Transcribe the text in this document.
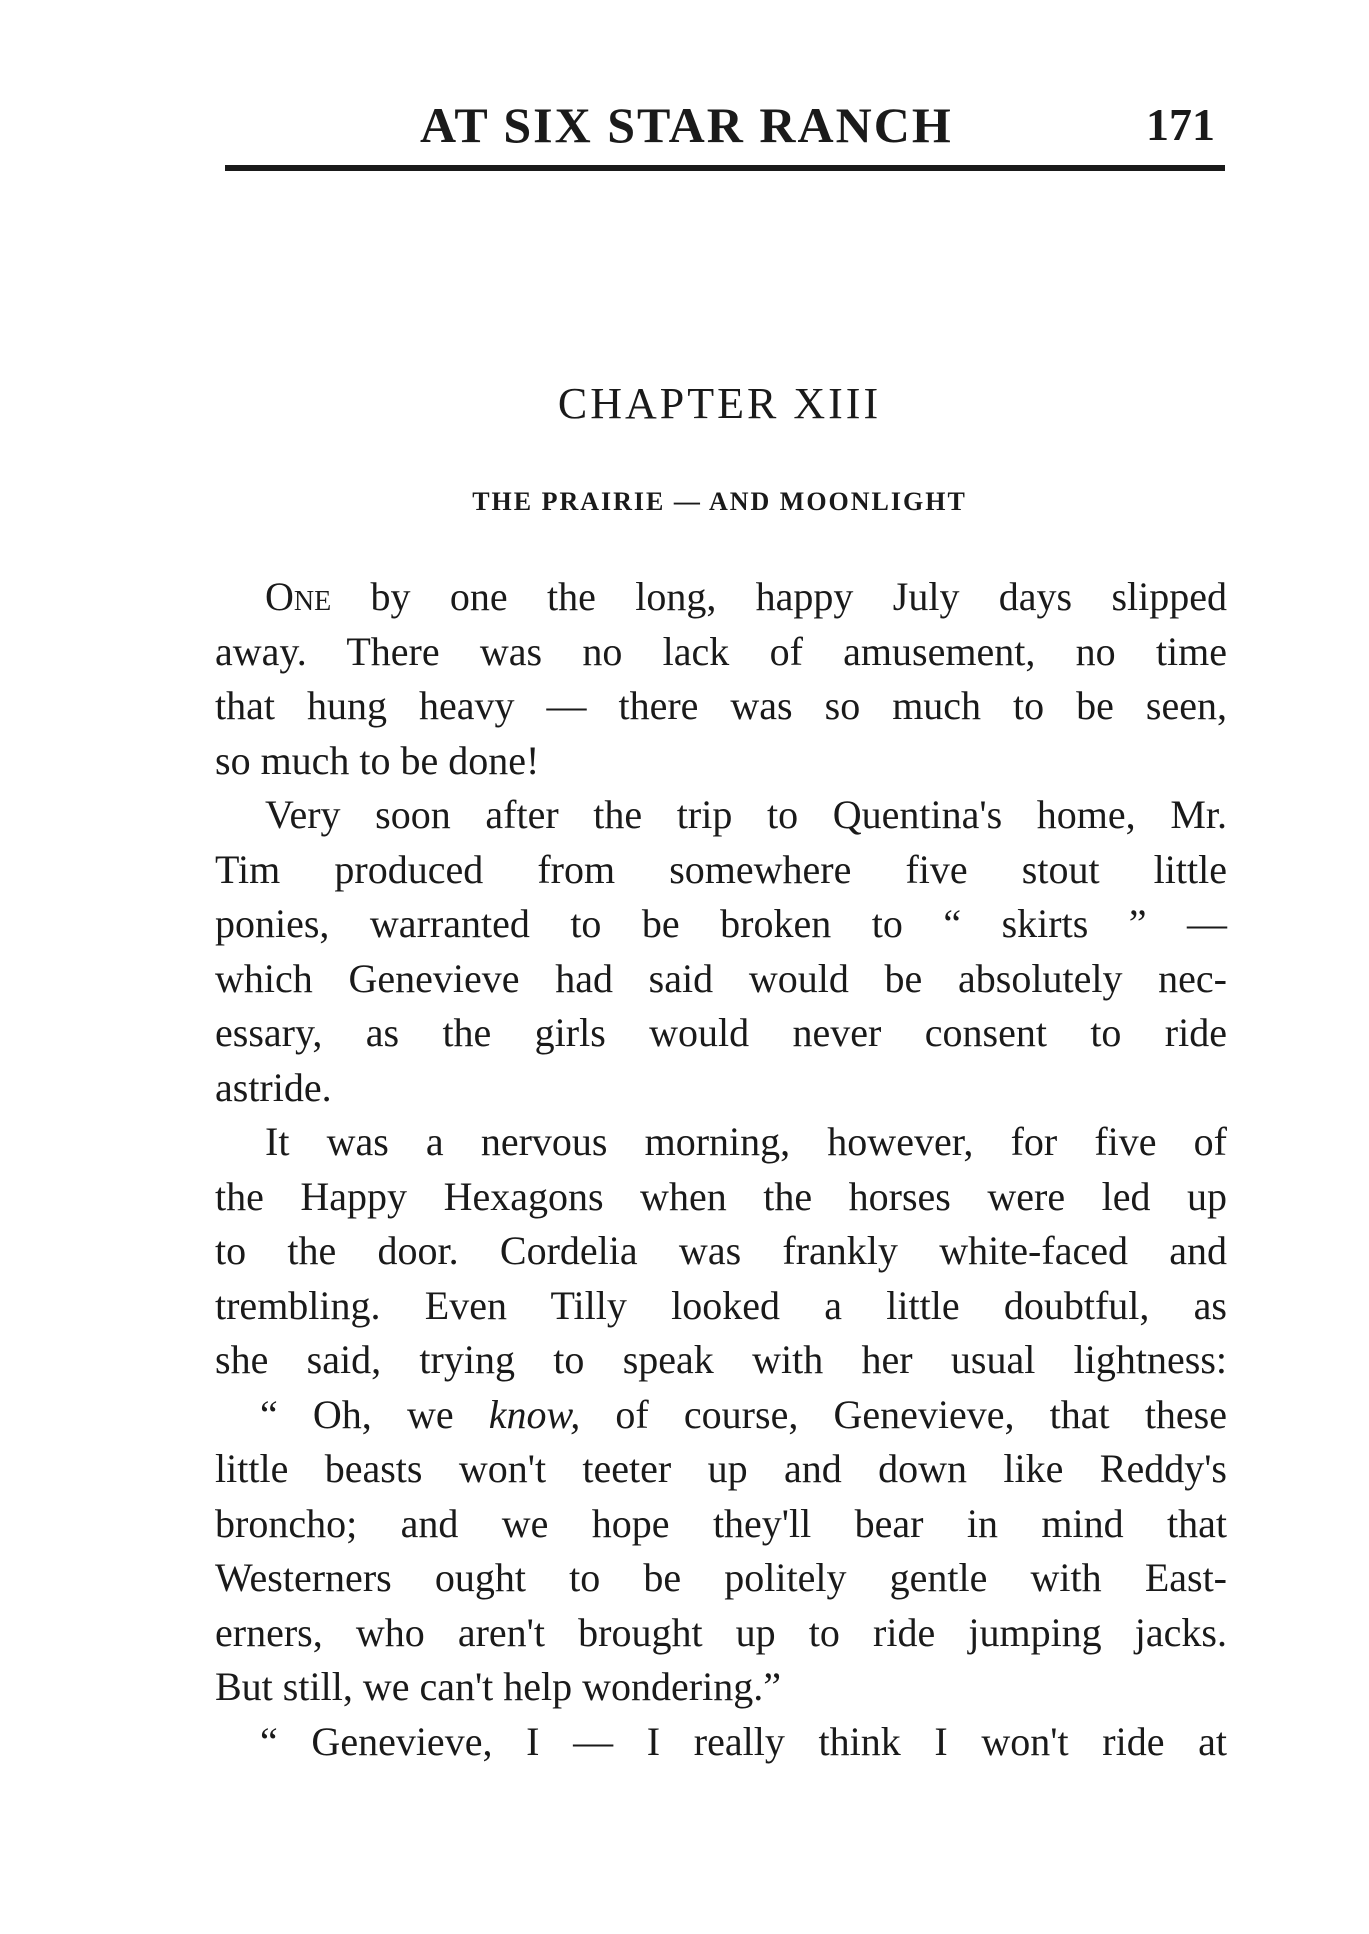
AT SIX STAR RANCH	171
CHAPTER XIII
THE PRAIRIE — AND MOONLIGHT
One by one the long, happy July days slipped
away. There was no lack of amusement, no time
that hung heavy — there was so much to be seen,
so much to be done!
Very soon after the trip to Quentina's home, Mr.
Tim produced from somewhere five stout little
ponies, warranted to be broken to “ skirts ” —
which Genevieve had said would be absolutely nec-
essary, as the girls would never consent to ride
astride.
It was a nervous morning, however, for five of
the Happy Hexagons when the horses were led up
to the door. Cordelia was frankly white-faced and
trembling. Even Tilly looked a little doubtful, as
she said, trying to speak with her usual lightness:
“ Oh, we know, of course, Genevieve, that these
little beasts won't teeter up and down like Reddy's
broncho; and we hope they'll bear in mind that
Westerners ought to be politely gentle with East-
erners, who aren't brought up to ride jumping jacks.
But still, we can't help wondering.”
“ Genevieve, I — I really think I won't ride at
